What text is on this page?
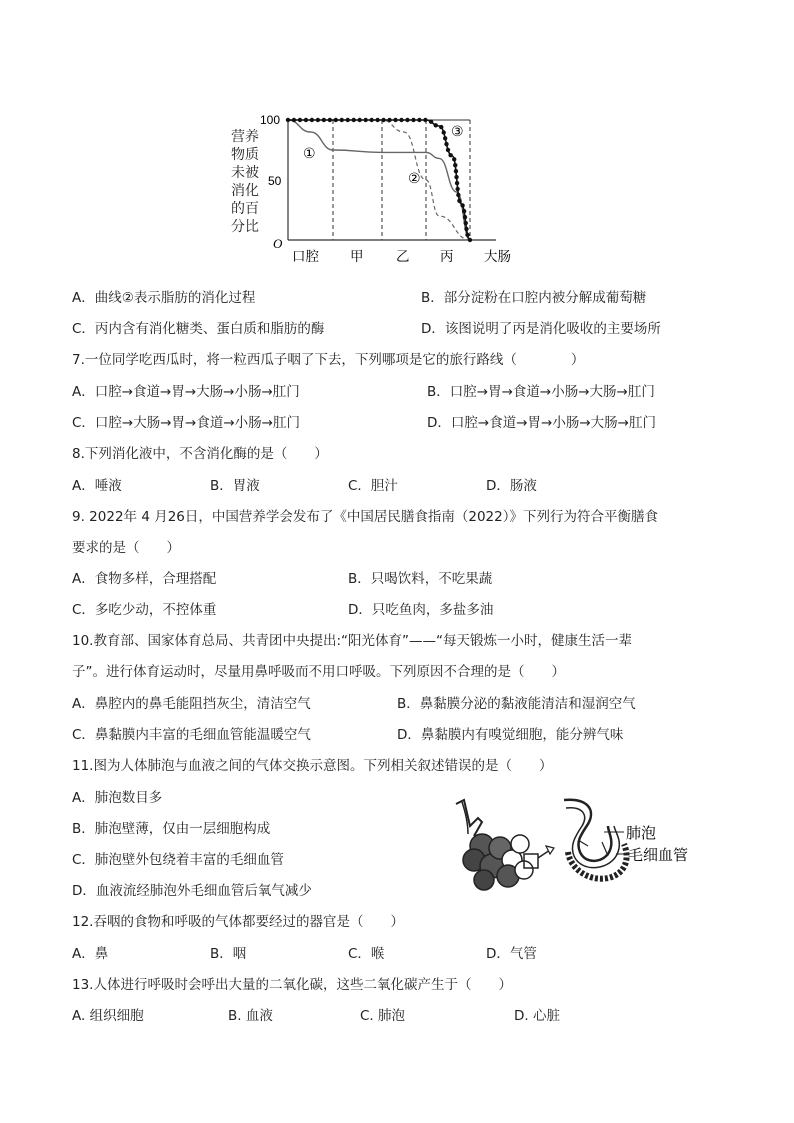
营养
物质
未被
消化
的百
分比
100
50
O
口腔 甲 乙 丙 大肠
①
②
③
A．曲线②表示脂肪的消化过程	B．部分淀粉在口腔内被分解成葡萄糖
C．丙内含有消化糖类、蛋白质和脂肪的酶	D．该图说明了丙是消化吸收的主要场所
7.一位同学吃西瓜时，将一粒西瓜子咽了下去，下列哪项是它的旅行路线（　　　　）
A．口腔→食道→胃→大肠→小肠→肛门	B．口腔→胃→食道→小肠→大肠→肛门
C．口腔→大肠→胃→食道→小肠→肛门	D．口腔→食道→胃→小肠→大肠→肛门
8.下列消化液中，不含消化酶的是（　　）
A．唾液	B．胃液	C．胆汁	D．肠液
9. 2022年 4 月26日，中国营养学会发布了《中国居民膳食指南（2022）》下列行为符合平衡膳食
要求的是（　　）
A．食物多样，合理搭配	B．只喝饮料，不吃果蔬
C．多吃少动，不控体重	D．只吃鱼肉，多盐多油
10.教育部、国家体育总局、共青团中央提出:“阳光体育”——“每天锻炼一小时，健康生活一辈
子”。进行体育运动时，尽量用鼻呼吸而不用口呼吸。下列原因不合理的是（　　）
A．鼻腔内的鼻毛能阻挡灰尘，清洁空气	B．鼻黏膜分泌的黏液能清洁和湿润空气
C．鼻黏膜内丰富的毛细血管能温暖空气	D．鼻黏膜内有嗅觉细胞，能分辨气味
11.图为人体肺泡与血液之间的气体交换示意图。下列相关叙述错误的是（　　）
A．肺泡数目多
B．肺泡壁薄，仅由一层细胞构成
C．肺泡壁外包绕着丰富的毛细血管
D．血液流经肺泡外毛细血管后氧气减少
肺泡
毛细血管
12.吞咽的食物和呼吸的气体都要经过的器官是（　　）
A．鼻	B．咽	C．喉	D．气管
13.人体进行呼吸时会呼出大量的二氧化碳，这些二氧化碳产生于（　　）
A. 组织细胞	B. 血液	C. 肺泡	D. 心脏
